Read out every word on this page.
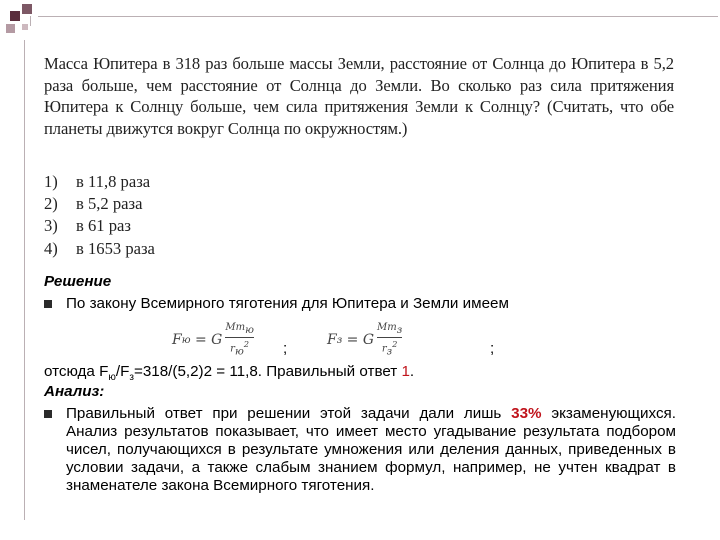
Масса Юпитера в 318 раз больше массы Земли, расстояние от Солнца до Юпитера в 5,2 раза больше, чем расстояние от Солнца до Земли. Во сколько раз сила притяжения Юпитера к Солнцу больше, чем сила притяжения Земли к Солнцу? (Считать, что обе планеты движутся вокруг Солнца по окружностям.)
1)	в 11,8 раза
2)	в 5,2 раза
3)	в 61 раз
4)	в 1653 раза
Решение
По закону Всемирного тяготения для Юпитера и Земли имеем
F ю
= G $\frac{Mm_ю}{r_ю^2}$ ;	F з
= G $\frac{Mm_з}{r_з^2}$	;
отсюда $F_ю/F_з=318/(5,2)2 = 11,8$. Правильный ответ 1.
Анализ:
Правильный ответ при решении этой задачи дали лишь 33% экзаменующихся. Анализ результатов показывает, что имеет место угадывание результата подбором чисел, получающихся в результате умножения или деления данных, приведенных в условии задачи, а также слабым знанием формул, например, не учтен квадрат в знаменателе закона Всемирного тяготения.
